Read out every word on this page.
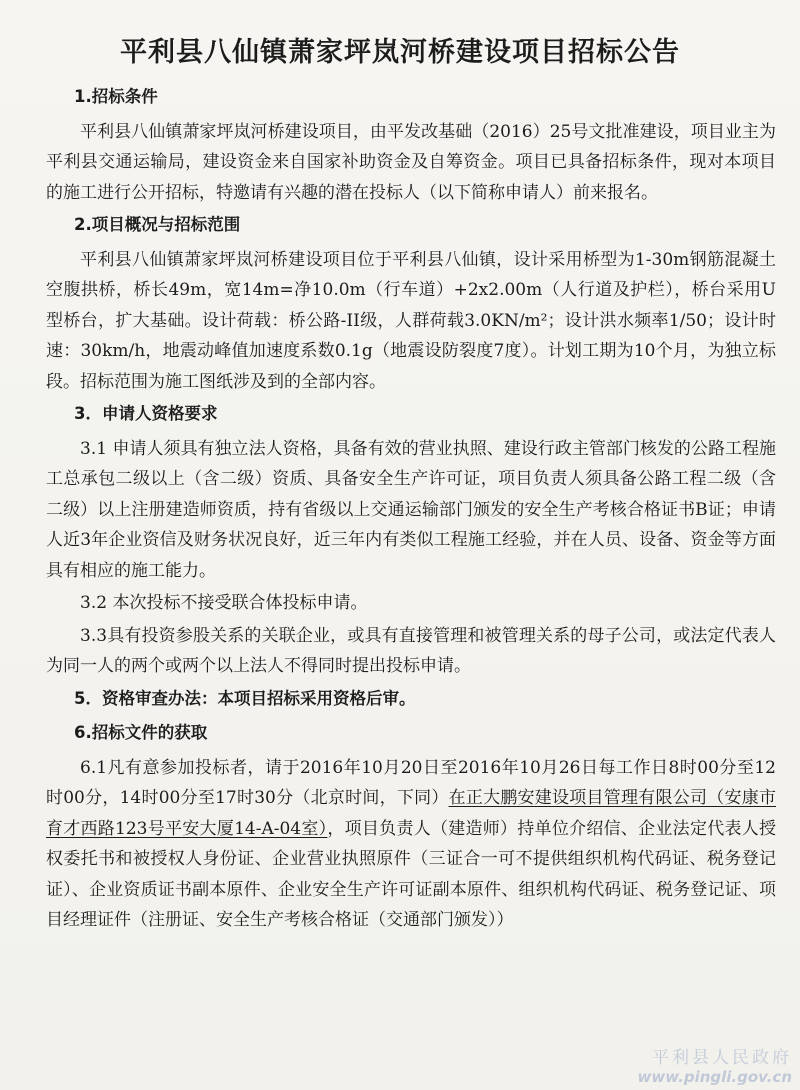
平利县八仙镇萧家坪岚河桥建设项目招标公告
1.招标条件

平利县八仙镇萧家坪岚河桥建设项目，由平发改基础（2016）25号文批准建设，项目业主为平利县交通运输局，建设资金来自国家补助资金及自筹资金。项目已具备招标条件，现对本项目的施工进行公开招标，特邀请有兴趣的潜在投标人（以下简称申请人）前来报名。

2.项目概况与招标范围

平利县八仙镇萧家坪岚河桥建设项目位于平利县八仙镇，设计采用桥型为1-30m钢筋混凝土空腹拱桥，桥长49m，宽14m=净10.0m（行车道）+2x2.00m（人行道及护栏），桥台采用U型桥台，扩大基础。设计荷载：桥公路-II级，人群荷载3.0KN/m²；设计洪水频率1/50；设计时速：30km/h，地震动峰值加速度系数0.1g（地震设防裂度7度）。计划工期为10个月，为独立标段。招标范围为施工图纸涉及到的全部内容。

3．申请人资格要求

3.1 申请人须具有独立法人资格，具备有效的营业执照、建设行政主管部门核发的公路工程施工总承包二级以上（含二级）资质、具备安全生产许可证，项目负责人须具备公路工程二级（含二级）以上注册建造师资质，持有省级以上交通运输部门颁发的安全生产考核合格证书B证；申请人近3年企业资信及财务状况良好，近三年内有类似工程施工经验，并在人员、设备、资金等方面具有相应的施工能力。

3.2 本次投标不接受联合体投标申请。

3.3具有投资参股关系的关联企业，或具有直接管理和被管理关系的母子公司，或法定代表人为同一人的两个或两个以上法人不得同时提出投标申请。

5．资格审查办法：本项目招标采用资格后审。
6.招标文件的获取

6.1凡有意参加投标者，请于2016年10月20日至2016年10月26日每工作日8时00分至12时00分，14时00分至17时30分（北京时间，下同）在正大鹏安建设项目管理有限公司（安康市育才西路123号平安大厦14-A-04室），项目负责人（建造师）持单位介绍信、企业法定代表人授权委托书和被授权人身份证、企业营业执照原件（三证合一可不提供组织机构代码证、税务登记证）、企业资质证书副本原件、企业安全生产许可证副本原件、组织机构代码证、税务登记证、项目经理证件（注册证、安全生产考核合格证（交通部门颁发））

平利县人民政府
www.pingli.gov.cn
